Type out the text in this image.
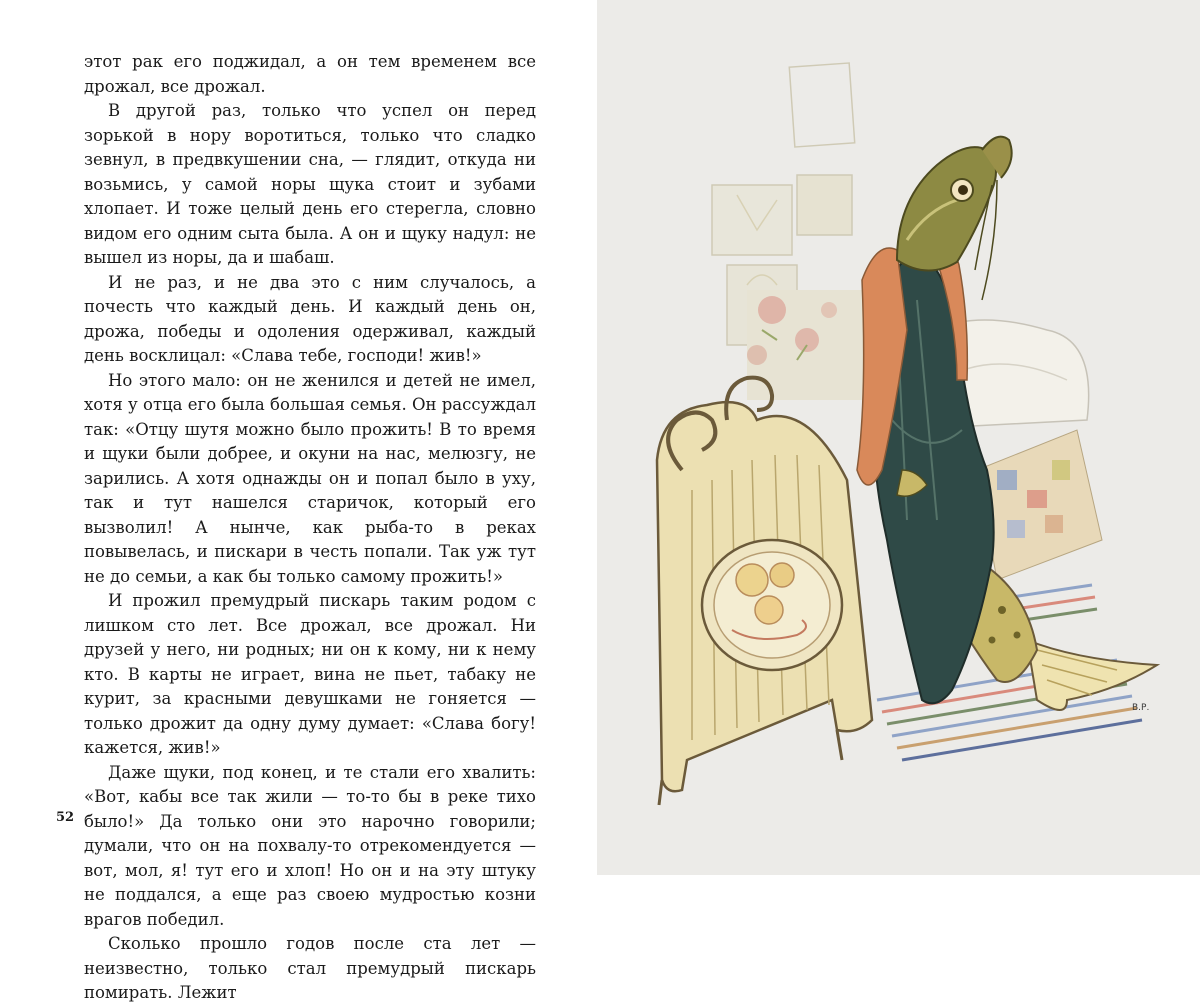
этот рак его поджидал, а он тем временем все дрожал, все дрожал.

В другой раз, только что успел он перед зорькой в нору воротиться, только что сладко зевнул, в предвкушении сна, — глядит, откуда ни возьмись, у самой норы щука стоит и зубами хлопает. И тоже целый день его стерегла, словно видом его одним сыта была. А он и щуку надул: не вышел из норы, да и шабаш.

И не раз, и не два это с ним случалось, а почесть что каждый день. И каждый день он, дрожа, победы и одоления одерживал, каждый день восклицал: «Слава тебе, господи! жив!»

Но этого мало: он не женился и детей не имел, хотя у отца его была большая семья. Он рассуждал так: «Отцу шутя можно было прожить! В то время и щуки были добрее, и окуни на нас, мелюзгу, не зарились. А хотя однажды он и попал было в уху, так и тут нашелся старичок, который его вызволил! А нынче, как рыба-то в реках повывелась, и пискари в честь попали. Так уж тут не до семьи, а как бы только самому прожить!»

И прожил премудрый пискарь таким родом с лишком сто лет. Все дрожал, все дрожал. Ни друзей у него, ни родных; ни он к кому, ни к нему кто. В карты не играет, вина не пьет, табаку не курит, за красными девушками не гоняется — только дрожит да одну думу думает: «Слава богу! кажется, жив!»

Даже щуки, под конец, и те стали его хвалить: «Вот, кабы все так жили — то-то бы в реке тихо было!» Да только они это нарочно говорили; думали, что он на похвалу-то отрекомендуется — вот, мол, я! тут его и хлоп! Но он и на эту штуку не поддался, а еще раз своею мудростью козни врагов победил.

Сколько прошло годов после ста лет — неизвестно, только стал премудрый пискарь помирать. Лежит

52
В.Р.
